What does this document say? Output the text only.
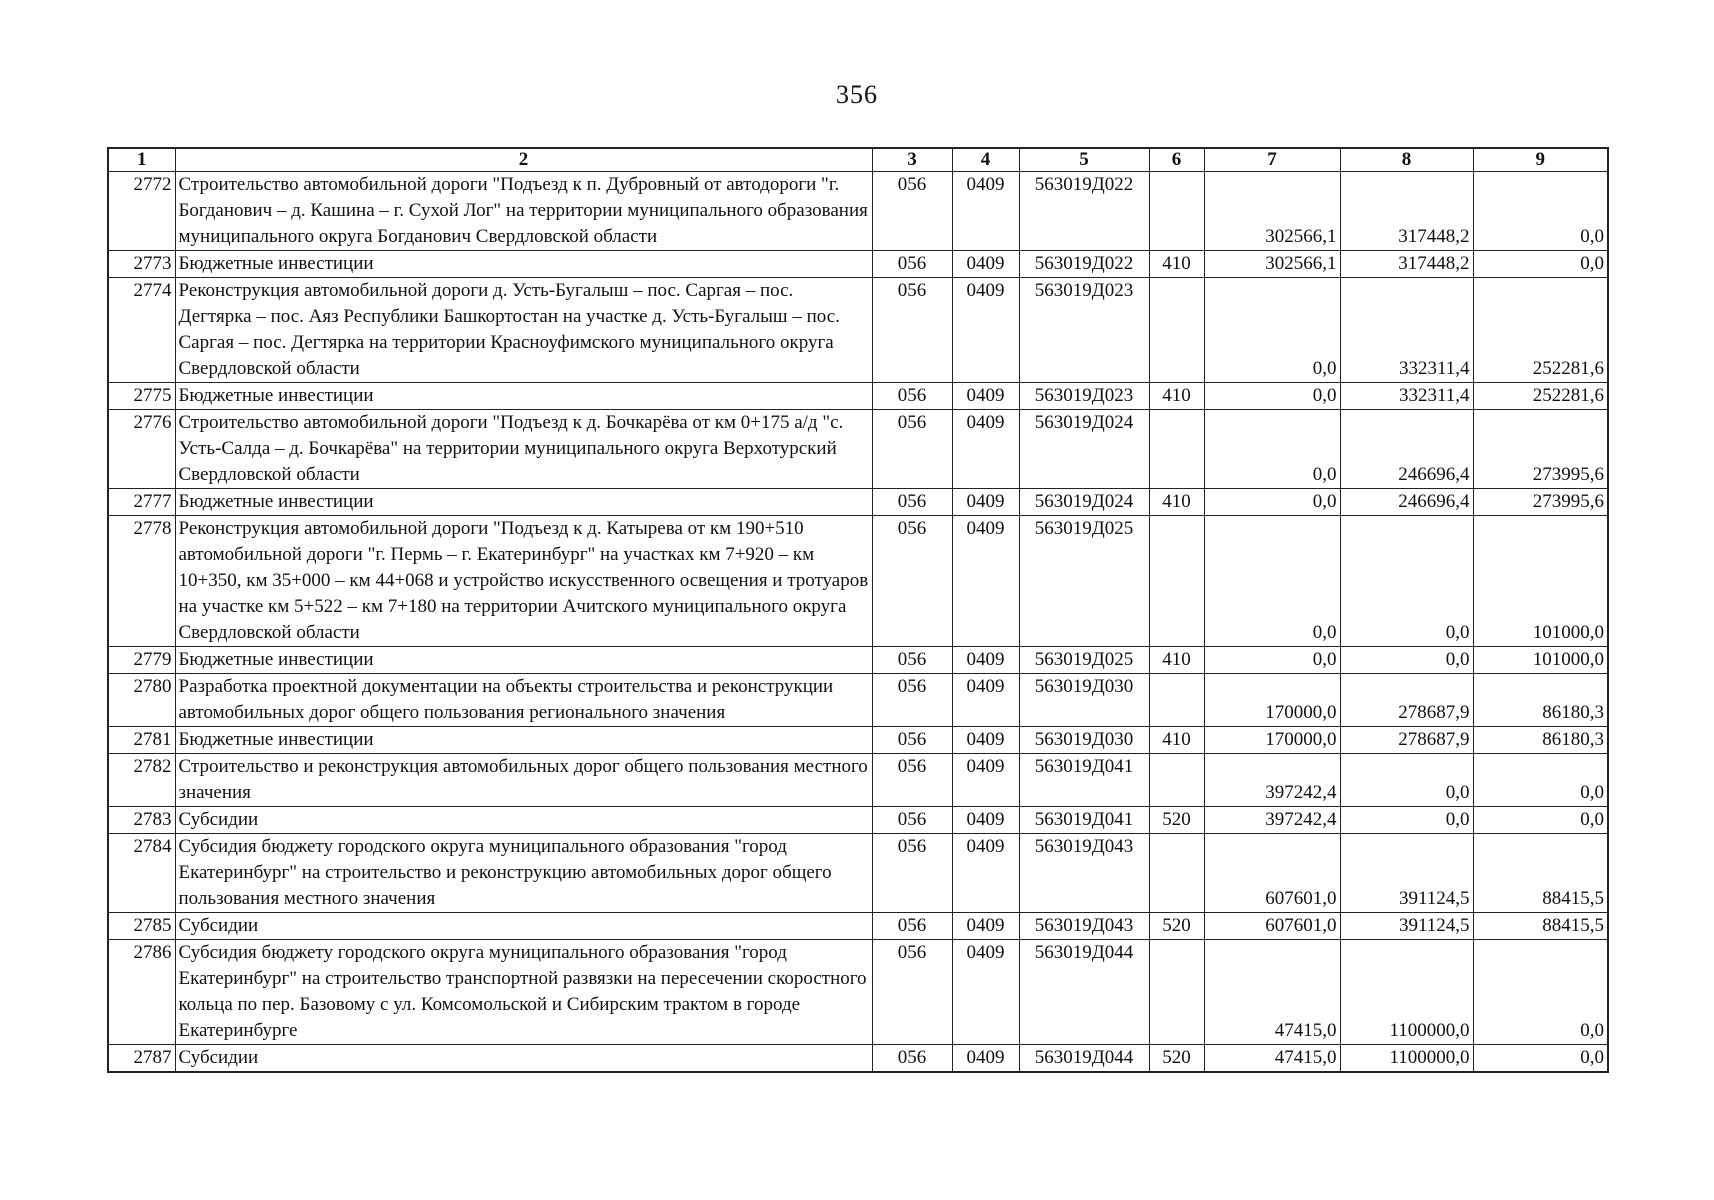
356
1	2	3	4	5	6	7	8	9
2772	Строительство автомобильной дороги "Подъезд к п. Дубровный от автодороги "г. Богданович – д. Кашина – г. Сухой Лог" на территории муниципального образования муниципального округа Богданович Свердловской области	056	0409	563019Д022		302566,1	317448,2	0,0
2773	Бюджетные инвестиции	056	0409	563019Д022	410	302566,1	317448,2	0,0
2774	Реконструкция автомобильной дороги д. Усть-Бугалыш – пос. Саргая – пос. Дегтярка – пос. Аяз Республики Башкортостан на участке д. Усть-Бугалыш – пос. Саргая – пос. Дегтярка на территории Красноуфимского муниципального округа Свердловской области	056	0409	563019Д023		0,0	332311,4	252281,6
2775	Бюджетные инвестиции	056	0409	563019Д023	410	0,0	332311,4	252281,6
2776	Строительство автомобильной дороги "Подъезд к д. Бочкарёва от км 0+175 а/д "с. Усть-Салда – д. Бочкарёва" на территории муниципального округа Верхотурский Свердловской области	056	0409	563019Д024		0,0	246696,4	273995,6
2777	Бюджетные инвестиции	056	0409	563019Д024	410	0,0	246696,4	273995,6
2778	Реконструкция автомобильной дороги "Подъезд к д. Катырева от км 190+510 автомобильной дороги "г. Пермь – г. Екатеринбург" на участках км 7+920 – км 10+350, км 35+000 – км 44+068 и устройство искусственного освещения и тротуаров на участке км 5+522 – км 7+180 на территории Ачитского муниципального округа Свердловской области	056	0409	563019Д025		0,0	0,0	101000,0
2779	Бюджетные инвестиции	056	0409	563019Д025	410	0,0	0,0	101000,0
2780	Разработка проектной документации на объекты строительства и реконструкции автомобильных дорог общего пользования регионального значения	056	0409	563019Д030		170000,0	278687,9	86180,3
2781	Бюджетные инвестиции	056	0409	563019Д030	410	170000,0	278687,9	86180,3
2782	Строительство и реконструкция автомобильных дорог общего пользования местного значения	056	0409	563019Д041		397242,4	0,0	0,0
2783	Субсидии	056	0409	563019Д041	520	397242,4	0,0	0,0
2784	Субсидия бюджету городского округа муниципального образования "город Екатеринбург" на строительство и реконструкцию автомобильных дорог общего пользования местного значения	056	0409	563019Д043		607601,0	391124,5	88415,5
2785	Субсидии	056	0409	563019Д043	520	607601,0	391124,5	88415,5
2786	Субсидия бюджету городского округа муниципального образования "город Екатеринбург" на строительство транспортной развязки на пересечении скоростного кольца по пер. Базовому с ул. Комсомольской и Сибирским трактом в городе Екатеринбурге	056	0409	563019Д044		47415,0	1100000,0	0,0
2787	Субсидии	056	0409	563019Д044	520	47415,0	1100000,0	0,0
